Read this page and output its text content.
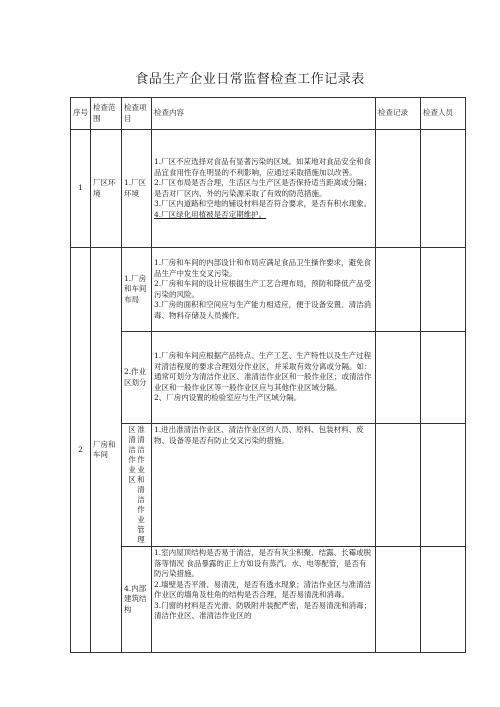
食品生产企业日常监督检查工作记录表
序号	检查范围	检查项目	检查内容	检查记录	检查人员
1	厂区环境	1.厂区环境	1.厂区不应选择对食品有显著污染的区域。如某地对食品安全和食品宜食用性存在明显的不利影响，应通过采取措施加以改善。

2.厂区布局是否合理，生活区与生产区是否保持适当距离或分隔；是否对厂区内、外的污染源采取了有效的防范措施。

3.厂区内道路和空地的铺设材料是否符合要求，是否有积水现象。

4.厂区绿化用植被是否定期维护。		

2	厂房和车间	1.厂房和车间布局	1.厂房和车间的内部设计和布局应满足食品卫生操作要求，避免食品生产中发生交叉污染。

2.厂房和车间的设计应根据生产工艺合理布局，预防和降低产品受污染的风险。

3.厂房的面积和空间应与生产能力相适应，便于设备安置、清洁消毒、物料存储及人员操作。		

		2.作业区划分	1.厂房和车间应根据产品特点、生产工艺、生产特性以及生产过程对清洁程度的要求合理划分作业区，并采取有效分离或分隔。如：通常可划分为清洁作业区、准清洁作业区和一般作业区；或清洁作业区和一般作业区等一般作业区应与其他作业区域分隔。

2、厂房内设置的检验室应与生产区域分隔。		

		区清洁作业区准清洁作业和清洁作业管理	1.进出准清洁作业区、清洁作业区的人员、原料、包装材料、废物、设备等是否有防止交叉污染的措施。		

		4.内部建筑结构	1.室内屋顶结构是否易于清洁，是否有灰尘积聚、结露、长霉或脱落等情况 食品暴露的正上方如设有蒸汽、水、电等配管，是否有防污染措施。

2.墙壁是否平滑、易清洗，是否有透水现象；清洁作业区与准清洁作业区的墙角及柱角的结构是否合理，是否易清洗和消毒。

3.门窗的材料是否光滑、防吸附并装配严密，是否易清洗和消毒；清洁作业区、准清洁作业区的		
